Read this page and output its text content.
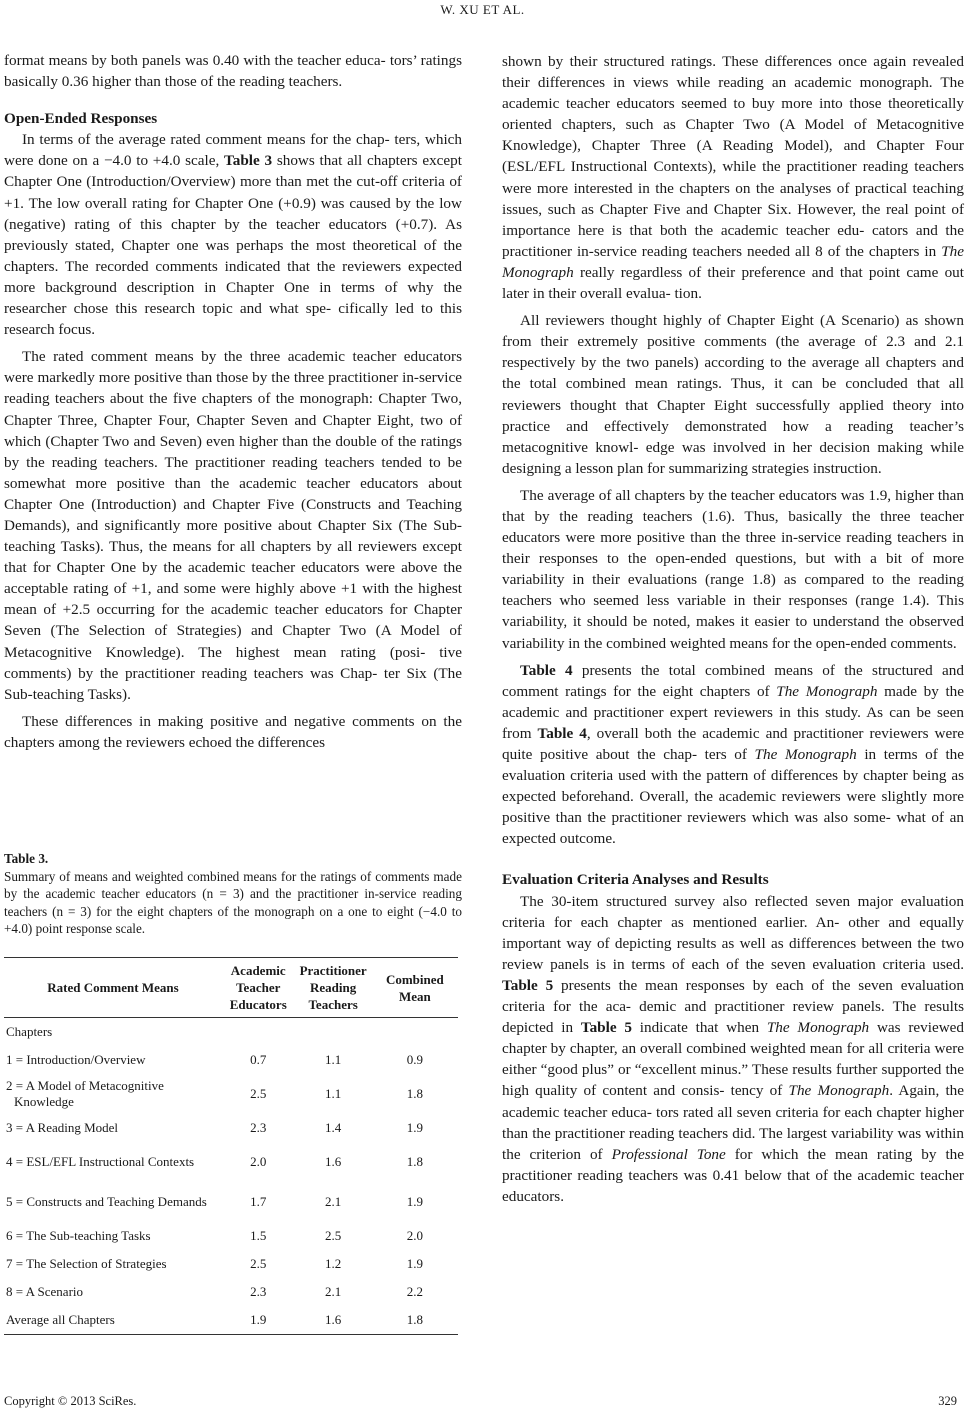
W. XU ET AL.

format means by both panels was 0.40 with the teacher educa- tors’ ratings basically 0.36 higher than those of the reading teachers.

Open-Ended Responses

In terms of the average rated comment means for the chap- ters, which were done on a −4.0 to +4.0 scale, Table 3 shows that all chapters except Chapter One (Introduction/Overview) more than met the cut-off criteria of +1. The low overall rating for Chapter One (+0.9) was caused by the low (negative) rating of this chapter by the teacher educators (+0.7). As previously stated, Chapter one was perhaps the most theoretical of the chapters. The recorded comments indicated that the reviewers expected more background description in Chapter One in terms of why the researcher chose this research topic and what spe- cifically led to this research focus.

The rated comment means by the three academic teacher educators were markedly more positive than those by the three practitioner in-service reading teachers about the five chapters of the monograph: Chapter Two, Chapter Three, Chapter Four, Chapter Seven and Chapter Eight, two of which (Chapter Two and Seven) even higher than the double of the ratings by the reading teachers. The practitioner reading teachers tended to be somewhat more positive than the academic teacher educators about Chapter One (Introduction) and Chapter Five (Constructs and Teaching Demands), and significantly more positive about Chapter Six (The Sub-teaching Tasks). Thus, the means for all chapters by all reviewers except that for Chapter One by the academic teacher educators were above the acceptable rating of +1, and some were highly above +1 with the highest mean of +2.5 occurring for the academic teacher educators for Chapter Seven (The Selection of Strategies) and Chapter Two (A Model of Metacognitive Knowledge). The highest mean rating (posi- tive comments) by the practitioner reading teachers was Chap- ter Six (The Sub-teaching Tasks).

These differences in making positive and negative comments on the chapters among the reviewers echoed the differences

Table 3.
Summary of means and weighted combined means for the ratings of comments made by the academic teacher educators (n = 3) and the practitioner in-service reading teachers (n = 3) for the eight chapters of the monograph on a one to eight (−4.0 to +4.0) point response scale.
Rated Comment Means	Academic Teacher Educators	Practitioner Reading Teachers	Combined Mean
Chapters			

1 = Introduction/Overview	0.7	1.1	0.9

2 = A Model of Metacognitive Knowledge	2.5	1.1	1.8

3 = A Reading Model	2.3	1.4	1.9

4 = ESL/EFL Instructional Contexts	2.0	1.6	1.8

5 = Constructs and Teaching Demands	1.7	2.1	1.9

6 = The Sub-teaching Tasks	1.5	2.5	2.0

7 = The Selection of Strategies	2.5	1.2	1.9

8 = A Scenario	2.3	2.1	2.2

Average all Chapters	1.9	1.6	1.8

shown by their structured ratings. These differences once again revealed their differences in views while reading an academic monograph. The academic teacher educators seemed to buy more into those theoretically oriented chapters, such as Chapter Two (A Model of Metacognitive Knowledge), Chapter Three (A Reading Model), and Chapter Four (ESL/EFL Instructional Contexts), while the practitioner reading teachers were more interested in the chapters on the analyses of practical teaching issues, such as Chapter Five and Chapter Six. However, the real point of importance here is that both the academic teacher edu- cators and the practitioner in-service reading teachers needed all 8 of the chapters in The Monograph really regardless of their preference and that point came out later in their overall evalua- tion.

All reviewers thought highly of Chapter Eight (A Scenario) as shown from their extremely positive comments (the average of 2.3 and 2.1 respectively by the two panels) according to the average all chapters and the total combined mean ratings. Thus, it can be concluded that all reviewers thought that Chapter Eight successfully applied theory into practice and effectively demonstrated how a reading teacher’s metacognitive knowl- edge was involved in her decision making while designing a lesson plan for summarizing strategies instruction.

The average of all chapters by the teacher educators was 1.9, higher than that by the reading teachers (1.6). Thus, basically the three teacher educators were more positive than the three in-service reading teachers in their responses to the open-ended questions, but with a bit of more variability in their evaluations (range 1.8) as compared to the reading teachers who seemed less variable in their responses (range 1.4). This variability, it should be noted, makes it easier to understand the observed variability in the combined weighted means for the open-ended comments.

Table 4 presents the total combined means of the structured and comment ratings for the eight chapters of The Monograph made by the academic and practitioner expert reviewers in this study. As can be seen from Table 4, overall both the academic and practitioner reviewers were quite positive about the chap- ters of The Monograph in terms of the evaluation criteria used with the pattern of differences by chapter being as expected beforehand. Overall, the academic reviewers were slightly more positive than the practitioner reviewers which was also some- what of an expected outcome.

Evaluation Criteria Analyses and Results

The 30-item structured survey also reflected seven major evaluation criteria for each chapter as mentioned earlier. An- other and equally important way of depicting results as well as differences between the two review panels is in terms of each of the seven evaluation criteria used. Table 5 presents the mean responses by each of the seven evaluation criteria for the aca- demic and practitioner review panels. The results depicted in Table 5 indicate that when The Monograph was reviewed chapter by chapter, an overall combined weighted mean for all criteria were either “good plus” or “excellent minus.” These results further supported the high quality of content and consis- tency of The Monograph. Again, the academic teacher educa- tors rated all seven criteria for each chapter higher than the practitioner reading teachers did. The largest variability was within the criterion of Professional Tone for which the mean rating by the practitioner reading teachers was 0.41 below that of the academic teacher educators.

Copyright © 2013 SciRes.	329
